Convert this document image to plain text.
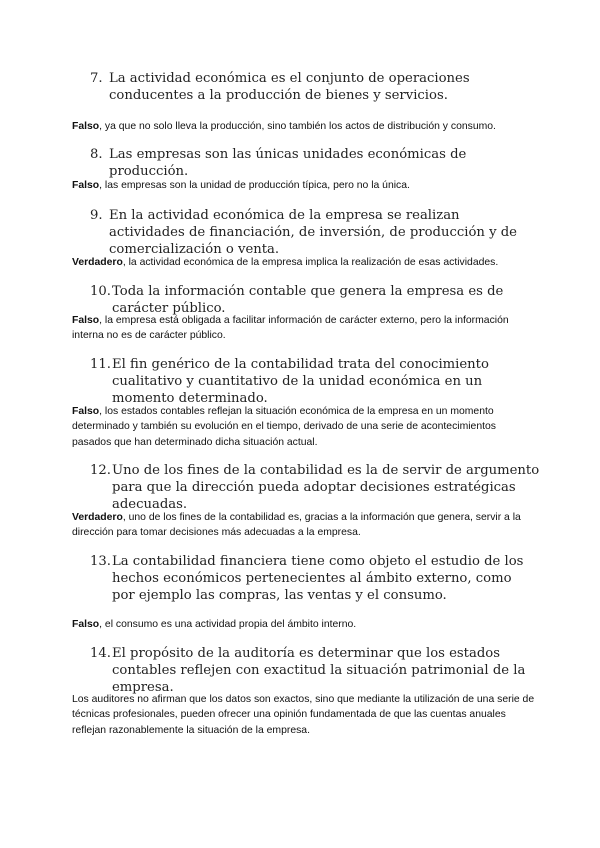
7. La actividad económica es el conjunto de operaciones conducentes a la producción de bienes y servicios.
Falso, ya que no solo lleva la producción, sino también los actos de distribución y consumo.
8. Las empresas son las únicas unidades económicas de producción.
Falso, las empresas son la unidad de producción típica, pero no la única.
9. En la actividad económica de la empresa se realizan actividades de financiación, de inversión, de producción y de comercialización o venta.
Verdadero, la actividad económica de la empresa implica la realización de esas actividades.
10. Toda la información contable que genera la empresa es de carácter público.
Falso, la empresa está obligada a facilitar información de carácter externo, pero la información interna no es de carácter público.
11. El fin genérico de la contabilidad trata del conocimiento cualitativo y cuantitativo de la unidad económica en un momento determinado.
Falso, los estados contables reflejan la situación económica de la empresa en un momento determinado y también su evolución en el tiempo, derivado de una serie de acontecimientos pasados que han determinado dicha situación actual.
12. Uno de los fines de la contabilidad es la de servir de argumento para que la dirección pueda adoptar decisiones estratégicas adecuadas.
Verdadero, uno de los fines de la contabilidad es, gracias a la información que genera, servir a la dirección para tomar decisiones más adecuadas a la empresa.
13. La contabilidad financiera tiene como objeto el estudio de los hechos económicos pertenecientes al ámbito externo, como por ejemplo las compras, las ventas y el consumo.
Falso, el consumo es una actividad propia del ámbito interno.
14. El propósito de la auditoría es determinar que los estados contables reflejen con exactitud la situación patrimonial de la empresa.
Los auditores no afirman que los datos son exactos, sino que mediante la utilización de una serie de técnicas profesionales, pueden ofrecer una opinión fundamentada de que las cuentas anuales reflejan razonablemente la situación de la empresa.
